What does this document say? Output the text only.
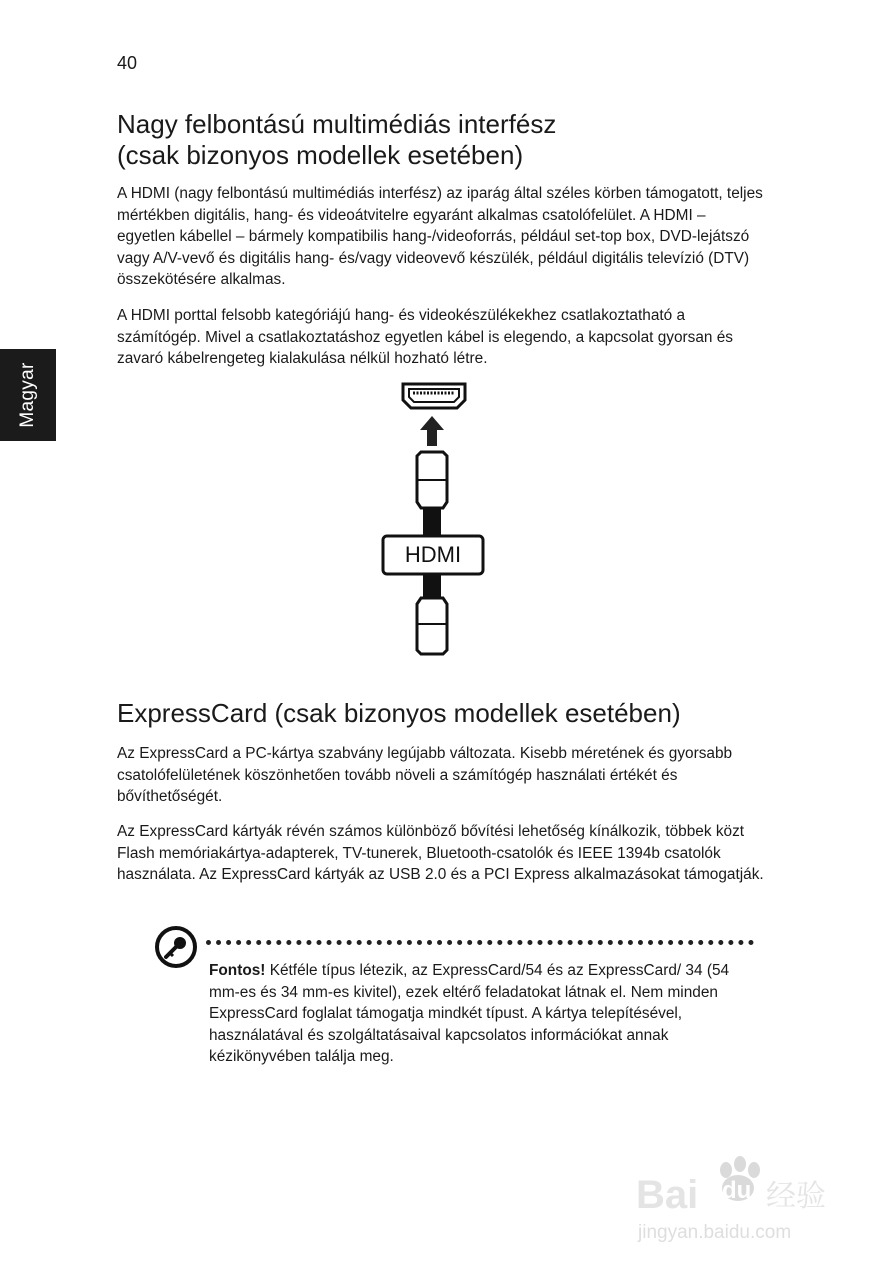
40
Magyar
Nagy felbontású multimédiás interfész
(csak bizonyos modellek esetében)

A HDMI (nagy felbontású multimédiás interfész) az iparág által széles körben támogatott, teljes mértékben digitális, hang- és videoátvitelre egyaránt alkalmas csatolófelület. A HDMI – egyetlen kábellel – bármely kompatibilis hang-/videoforrás, például set-top box, DVD-lejátszó vagy A/V-vevő és digitális hang- és/vagy videovevő készülék, például digitális televízió (DTV) összekötésére alkalmas.

A HDMI porttal felsobb kategóriájú hang- és videokészülékekhez csatlakoztatható a számítógép. Mivel a csatlakoztatáshoz egyetlen kábel is elegendo, a kapcsolat gyorsan és zavaró kábelrengeteg kialakulása nélkül hozható létre.

HDMI
ExpressCard (csak bizonyos modellek esetében)

Az ExpressCard a PC-kártya szabvány legújabb változata. Kisebb méretének és gyorsabb csatolófelületének köszönhetően tovább növeli a számítógép használati értékét és bővíthetőségét.

Az ExpressCard kártyák révén számos különböző bővítési lehetőség kínálkozik, többek közt Flash memóriakártya-adapterek, TV-tunerek, Bluetooth-csatolók és IEEE 1394b csatolók használata. Az ExpressCard kártyák az USB 2.0 és a PCI Express alkalmazásokat támogatják.

Fontos! Kétféle típus létezik, az ExpressCard/54 és az ExpressCard/ 34 (54 mm-es és 34 mm-es kivitel), ezek eltérő feladatokat látnak el. Nem minden ExpressCard foglalat támogatja mindkét típust. A kártya telepítésével, használatával és szolgáltatásaival kapcsolatos információkat annak kézikönyvében találja meg.

Bai du 经验
jingyan.baidu.com
